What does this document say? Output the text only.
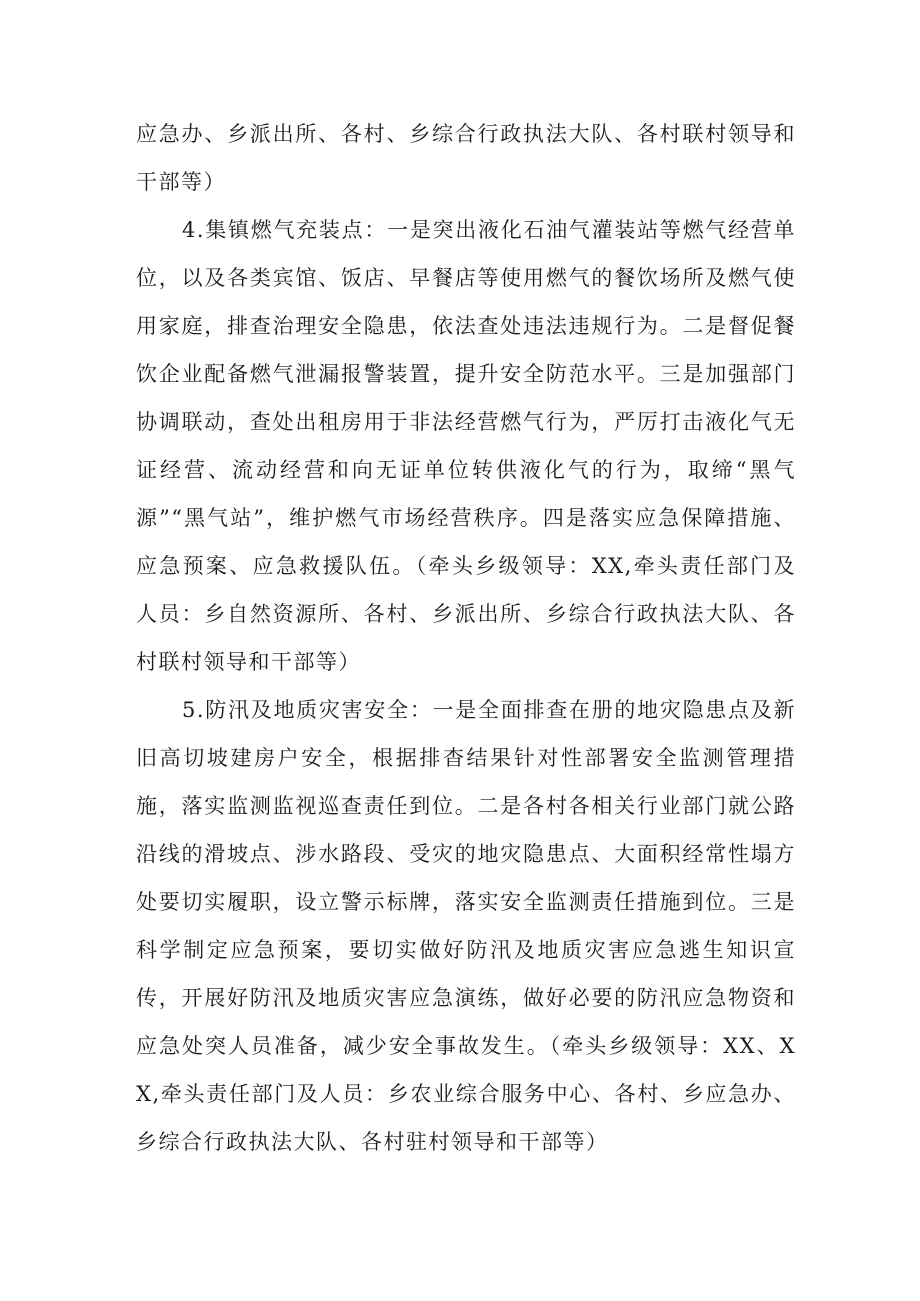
应急办、乡派出所、各村、乡综合行政执法大队、各村联村领导和干部等）

4.集镇燃气充装点：一是突出液化石油气灌装站等燃气经营单位，以及各类宾馆、饭店、早餐店等使用燃气的餐饮场所及燃气使用家庭，排查治理安全隐患，依法查处违法违规行为。二是督促餐饮企业配备燃气泄漏报警装置，提升安全防范水平。三是加强部门协调联动，查处出租房用于非法经营燃气行为，严厉打击液化气无证经营、流动经营和向无证单位转供液化气的行为，取缔“黑气源”“黑气站”，维护燃气市场经营秩序。四是落实应急保障措施、应急预案、应急救援队伍。（牵头乡级领导：XX,牵头责任部门及人员：乡自然资源所、各村、乡派出所、乡综合行政执法大队、各村联村领导和干部等）

5.防汛及地质灾害安全：一是全面排查在册的地灾隐患点及新旧高切坡建房户安全，根据排杳结果针对性部署安全监测管理措施，落实监测监视巡查责任到位。二是各村各相关行业部门就公路沿线的滑坡点、涉水路段、受灾的地灾隐患点、大面积经常性塌方处要切实履职，设立警示标牌，落实安全监测责任措施到位。三是科学制定应急预案，要切实做好防汛及地质灾害应急逃生知识宣传，开展好防汛及地质灾害应急演练，做好必要的防汛应急物资和应急处突人员准备，减少安全事故发生。（牵头乡级领导：XX、XX,牵头责任部门及人员：乡农业综合服务中心、各村、乡应急办、乡综合行政执法大队、各村驻村领导和干部等）
